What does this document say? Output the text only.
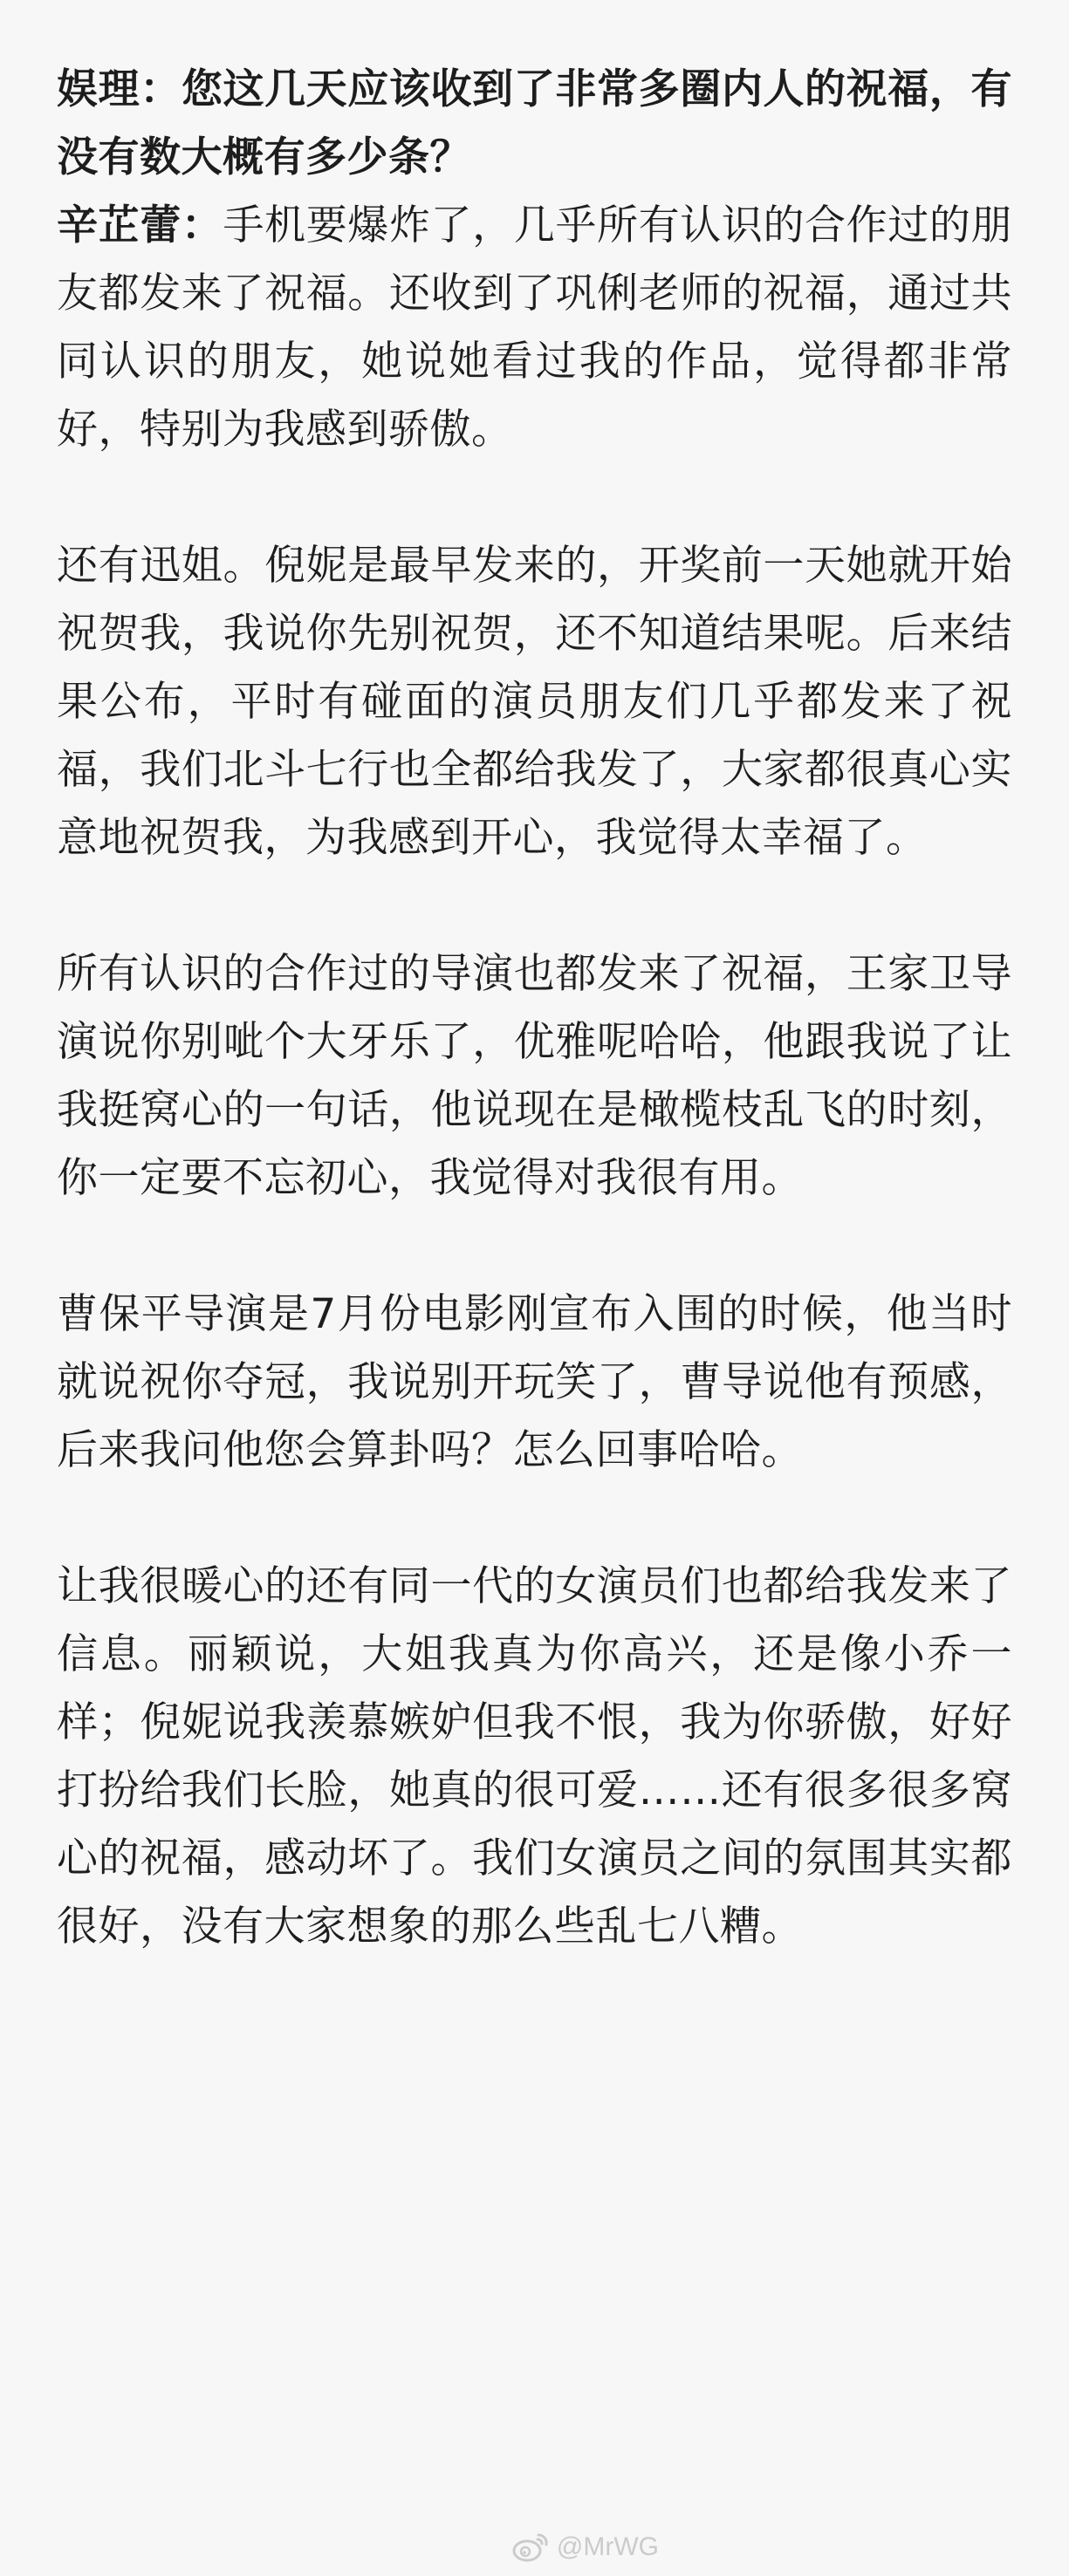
娱理：您这几天应该收到了非常多圈内人的祝福，有没有数大概有多少条？

辛芷蕾：手机要爆炸了，几乎所有认识的合作过的朋友都发来了祝福。还收到了巩俐老师的祝福，通过共同认识的朋友，她说她看过我的作品，觉得都非常好，特别为我感到骄傲。

还有迅姐。倪妮是最早发来的，开奖前一天她就开始祝贺我，我说你先别祝贺，还不知道结果呢。后来结果公布，平时有碰面的演员朋友们几乎都发来了祝福，我们北斗七行也全都给我发了，大家都很真心实意地祝贺我，为我感到开心，我觉得太幸福了。

所有认识的合作过的导演也都发来了祝福，王家卫导演说你别呲个大牙乐了，优雅呢哈哈，他跟我说了让我挺窝心的一句话，他说现在是橄榄枝乱飞的时刻，你一定要不忘初心，我觉得对我很有用。

曹保平导演是7月份电影刚宣布入围的时候，他当时就说祝你夺冠，我说别开玩笑了，曹导说他有预感，后来我问他您会算卦吗？怎么回事哈哈。

让我很暖心的还有同一代的女演员们也都给我发来了信息。丽颖说，大姐我真为你高兴，还是像小乔一样；倪妮说我羡慕嫉妒但我不恨，我为你骄傲，好好打扮给我们长脸，她真的很可爱……还有很多很多窝心的祝福，感动坏了。我们女演员之间的氛围其实都很好，没有大家想象的那么些乱七八糟。

@MrWG
